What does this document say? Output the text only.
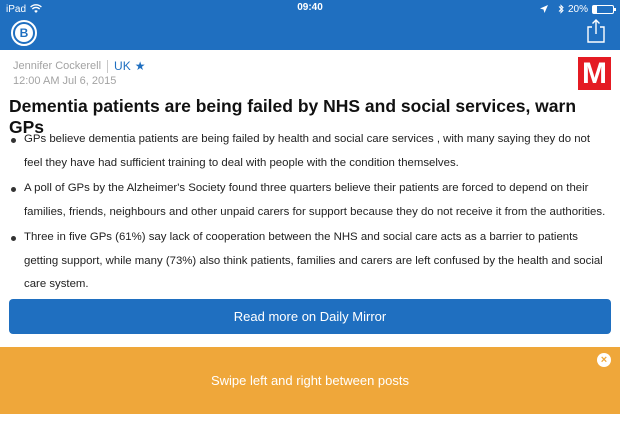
iPad	09:40	20%
B
Jennifer Cockerell UK ★
12:00 AM Jul 6, 2015	M
Dementia patients are being failed by NHS and social services, warn GPs
GPs believe dementia patients are being failed by health and social care services , with many saying they do not feel they have had sufficient training to deal with people with the condition themselves.
A poll of GPs by the Alzheimer's Society found three quarters believe their patients are forced to depend on their families, friends, neighbours and other unpaid carers for support because they do not receive it from the authorities.
Three in five GPs (61%) say lack of cooperation between the NHS and social care acts as a barrier to patients getting support, while many (73%) also think patients, families and carers are left confused by the health and social care system.
Read more on Daily Mirror
Swipe left and right between posts
×
